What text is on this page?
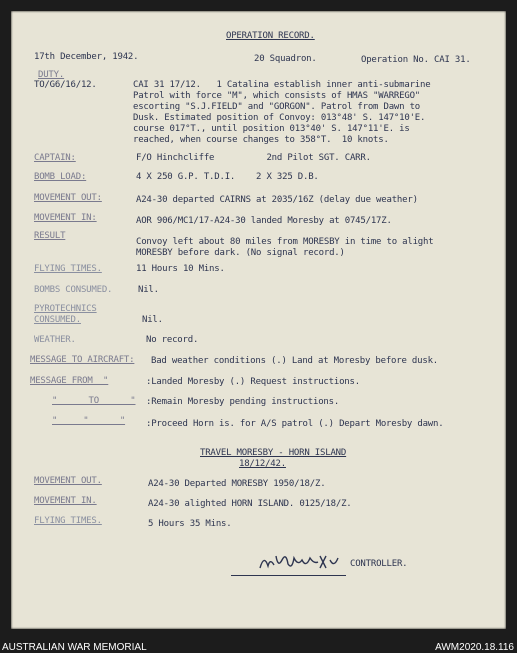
OPERATION RECORD.
17th December, 1942.	20 Squadron.	Operation No. CAI 31.
DUTY.
TO/G6/16/12.	CAI 31 17/12.   1 Catalina establish inner anti-submarine
Patrol with force "M", which consists of HMAS "WARREGO"
escorting "S.J.FIELD" and "GORGON". Patrol from Dawn to
Dusk. Estimated position of Convoy: 013°48' S. 147°10'E.
course 017°T., until position 013°40' S. 147°11'E. is
reached, when course changes to 358°T.  10 knots.
CAPTAIN:	F/O Hinchcliffe          2nd Pilot SGT. CARR.
BOMB LOAD:	4 X 250 G.P. T.D.I.    2 X 325 D.B.
MOVEMENT OUT:	A24-30 departed CAIRNS at 2035/16Z (delay due weather)
MOVEMENT IN:	AOR 906/MC1/17-A24-30 landed Moresby at 0745/17Z.
RESULT
Convoy left about 80 miles from MORESBY in time to alight
MORESBY before dark. (No signal record.)
FLYING TIMES.	11 Hours 10 Mins.
BOMBS CONSUMED.	Nil.
PYROTECHNICS
CONSUMED.	Nil.
WEATHER.	No record.
MESSAGE TO AIRCRAFT: Bad weather conditions (.) Land at Moresby before dusk.
MESSAGE FROM  "	:Landed Moresby (.) Request instructions.
"      TO      " :Remain Moresby pending instructions.
"     "      " :Proceed Horn is. for A/S patrol (.) Depart Moresby dawn.
TRAVEL MORESBY - HORN ISLAND
18/12/42.
MOVEMENT OUT.	A24-30 Departed MORESBY 1950/18/Z.
MOVEMENT IN.	A24-30 alighted HORN ISLAND. 0125/18/Z.
FLYING TIMES.	5 Hours 35 Mins.
CONTROLLER.
AUSTRALIAN WAR MEMORIAL	AWM2020.18.116
